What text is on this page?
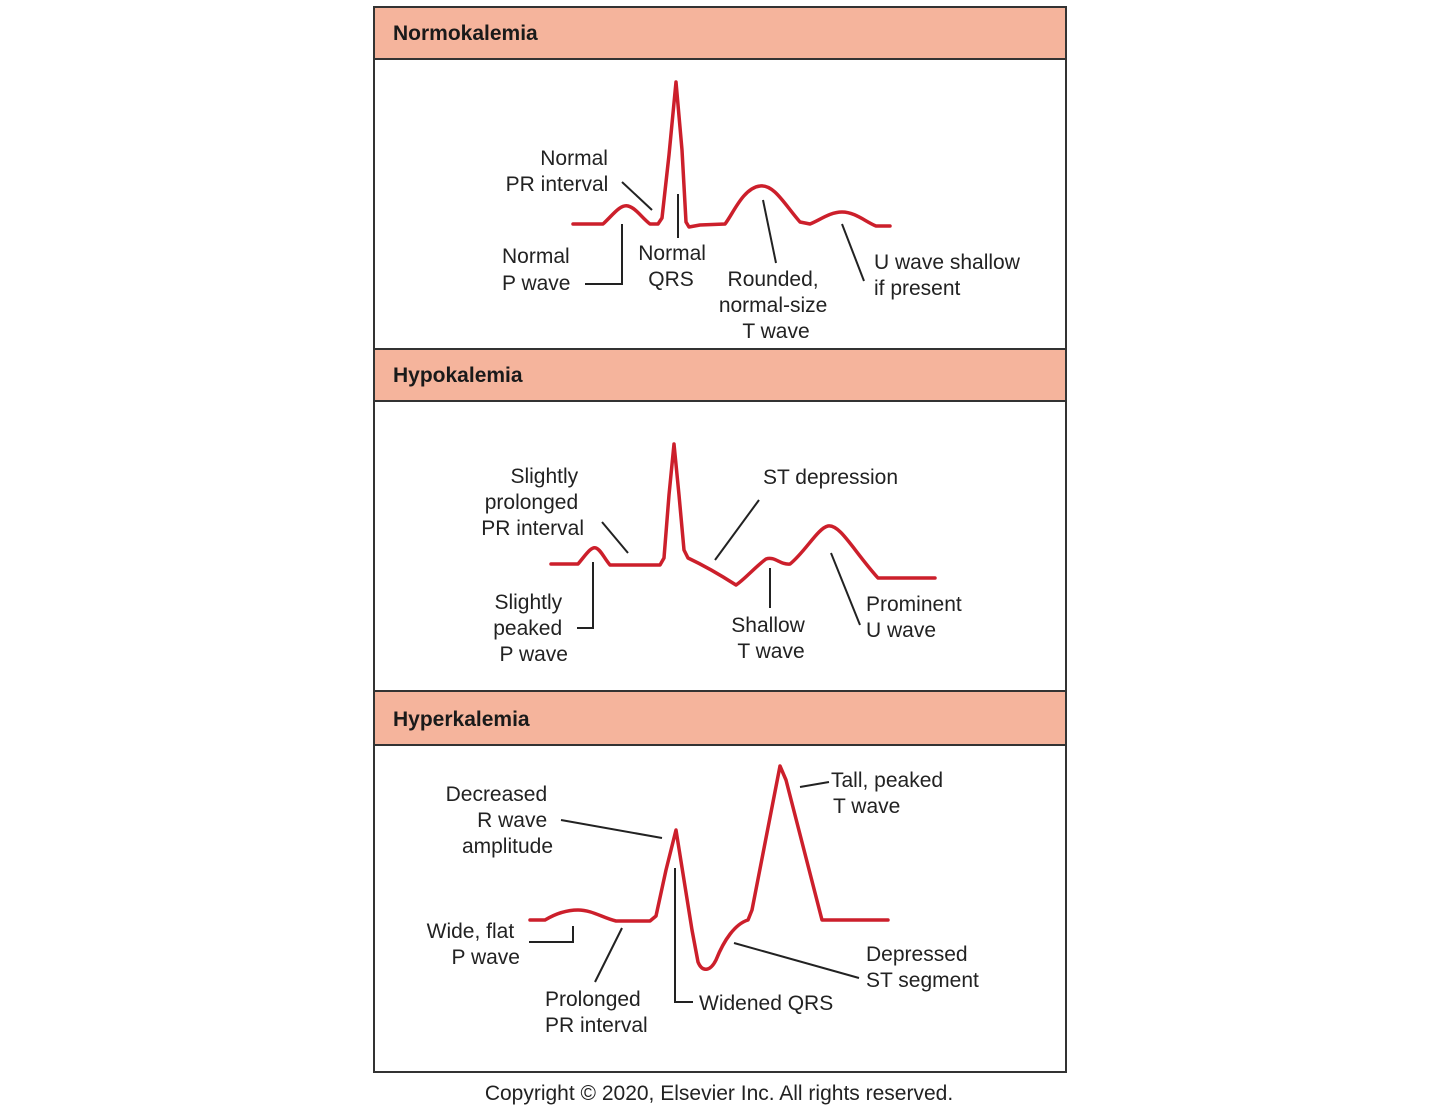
Normokalemia
Normal PR interval
Normal P wave
Normal QRS	Rounded, normal-size T wave
U wave shallow if present
Hypokalemia
Slightly prolonged PR interval
ST depression
Slightly peaked P wave
Shallow T wave
Prominent U wave
Hyperkalemia
Decreased R wave amplitude
Tall, peaked T wave
Wide, flat P wave	Depressed ST segment
Prolonged PR interval
Widened QRS
Copyright © 2020, Elsevier Inc. All rights reserved.
